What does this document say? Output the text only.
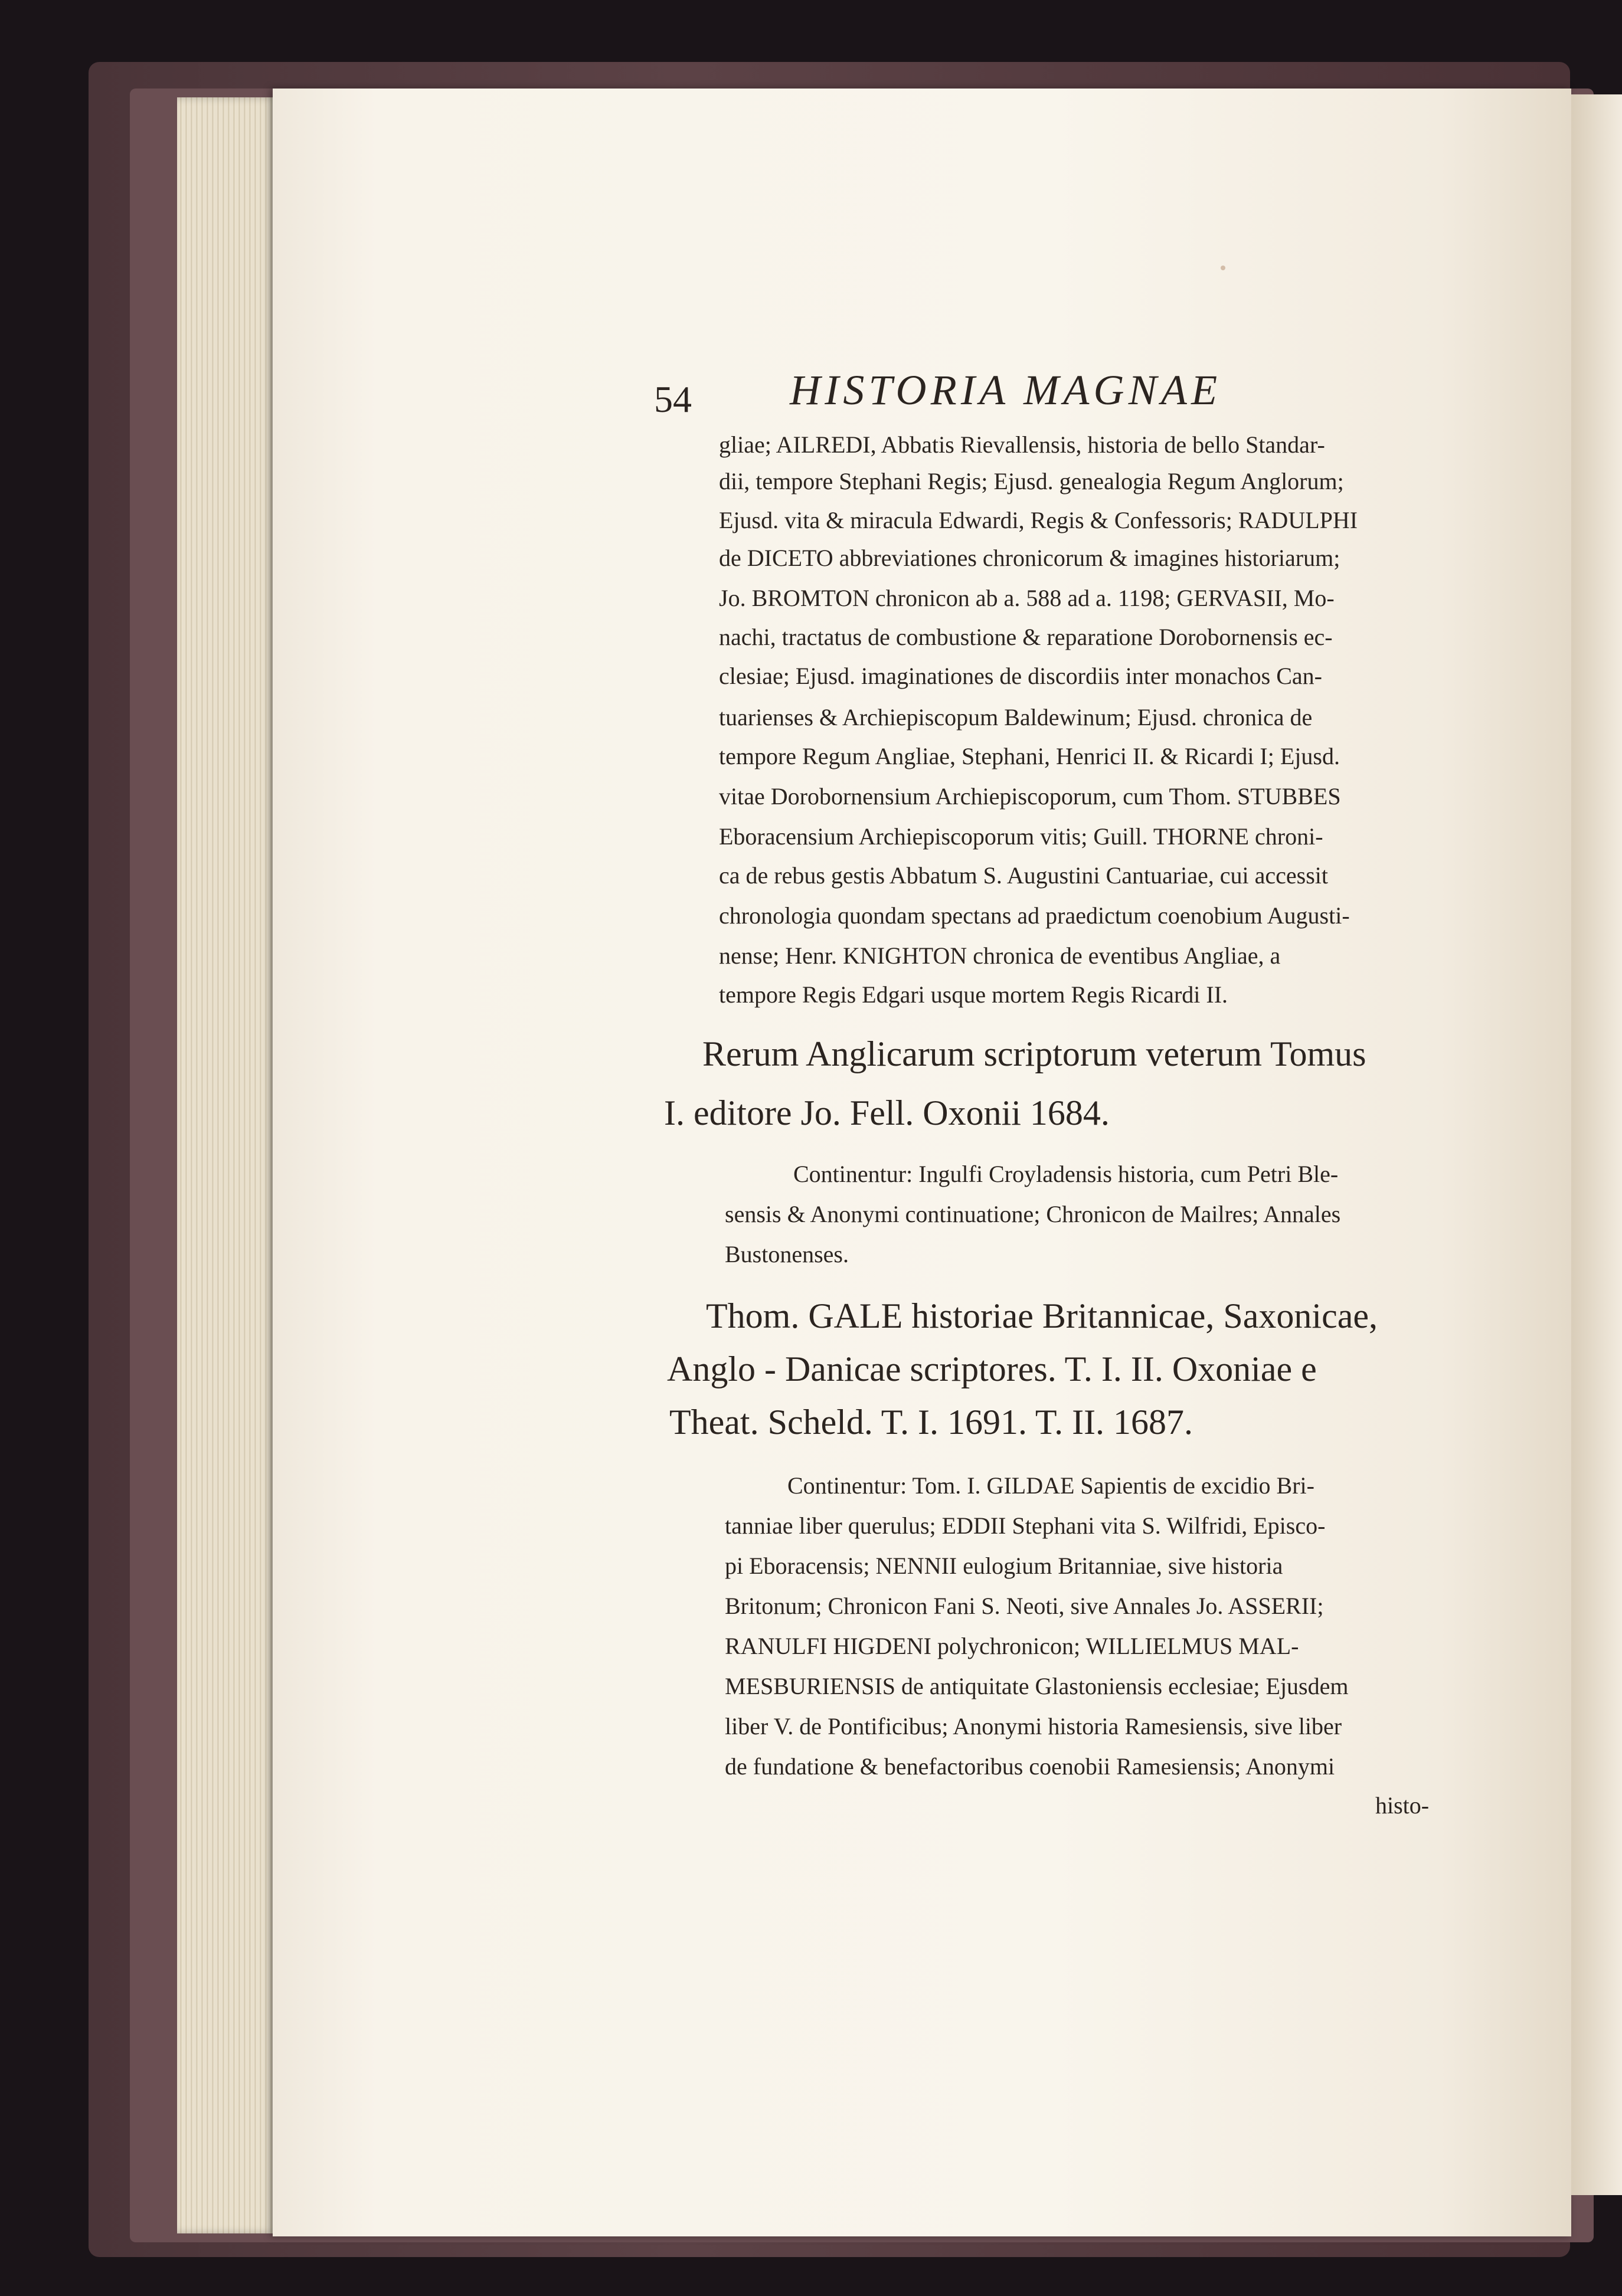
54 HISTORIA MAGNAE
gliae; AILREDI, Abbatis Rievallensis, historia de bello Standar-
dii, tempore Stephani Regis; Ejusd. genealogia Regum Anglorum;
Ejusd. vita & miracula Edwardi, Regis & Confessoris; RADULPHI
de DICETO abbreviationes chronicorum & imagines historiarum;
Jo. BROMTON chronicon ab a. 588 ad a. 1198; GERVASII, Mo-
nachi, tractatus de combustione & reparatione Dorobornensis ec-
clesiae; Ejusd. imaginationes de discordiis inter monachos Can-
tuarienses & Archiepiscopum Baldewinum; Ejusd. chronica de
tempore Regum Angliae, Stephani, Henrici II. & Ricardi I; Ejusd.
vitae Dorobornensium Archiepiscoporum, cum Thom. STUBBES
Eboracensium Archiepiscoporum vitis; Guill. THORNE chroni-
ca de rebus gestis Abbatum S. Augustini Cantuariae, cui accessit
chronologia quondam spectans ad praedictum coenobium Augusti-
nense; Henr. KNIGHTON chronica de eventibus Angliae, a
tempore Regis Edgari usque mortem Regis Ricardi II.
Rerum Anglicarum scriptorum veterum Tomus
I. editore Jo. Fell. Oxonii 1684.
Continentur: Ingulfi Croyladensis historia, cum Petri Ble-
sensis & Anonymi continuatione; Chronicon de Mailres; Annales
Bustonenses.
Thom. GALE historiae Britannicae, Saxonicae,
Anglo - Danicae scriptores. T. I. II. Oxoniae e
Theat. Scheld. T. I. 1691. T. II. 1687.
Continentur: Tom. I. GILDAE Sapientis de excidio Bri-
tanniae liber querulus; EDDII Stephani vita S. Wilfridi, Episco-
pi Eboracensis; NENNII eulogium Britanniae, sive historia
Britonum; Chronicon Fani S. Neoti, sive Annales Jo. ASSERII;
RANULFI HIGDENI polychronicon; WILLIELMUS MAL-
MESBURIENSIS de antiquitate Glastoniensis ecclesiae; Ejusdem
liber V. de Pontificibus; Anonymi historia Ramesiensis, sive liber
de fundatione & benefactoribus coenobii Ramesiensis; Anonymi
histo-
